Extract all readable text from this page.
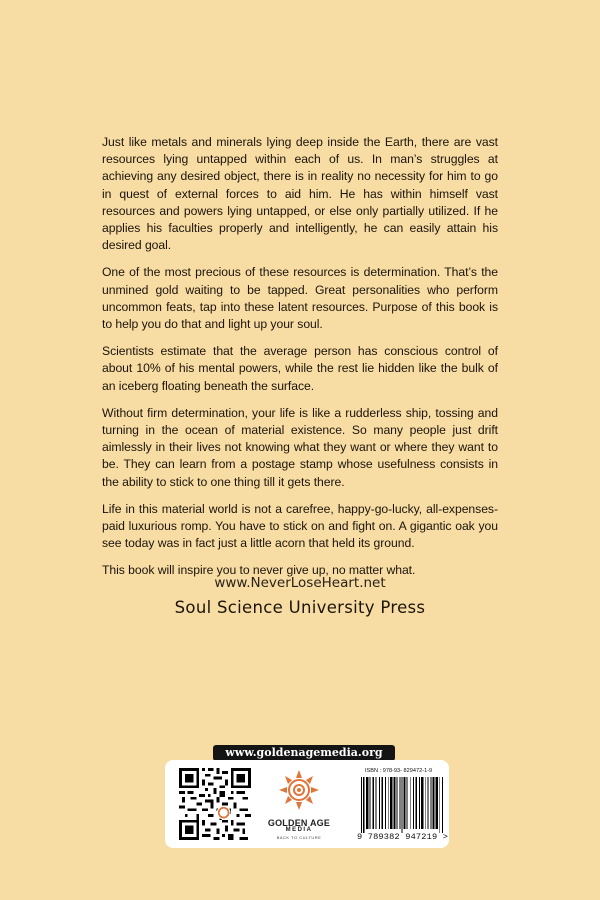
Just like metals and minerals lying deep inside the Earth, there are vast resources lying untapped within each of us. In man’s struggles at achieving any desired object, there is in reality no necessity for him to go in quest of external forces to aid him. He has within himself vast resources and powers lying untapped, or else only partially utilized. If he applies his faculties properly and intelligently, he can easily attain his desired goal.

One of the most precious of these resources is determination. That’s the unmined gold waiting to be tapped. Great personalities who perform uncommon feats, tap into these latent resources. Purpose of this book is to help you do that and light up your soul.

Scientists estimate that the average person has conscious control of about 10% of his mental powers, while the rest lie hidden like the bulk of an iceberg floating beneath the surface.

Without firm determination, your life is like a rudderless ship, tossing and turning in the ocean of material existence. So many people just drift aimlessly in their lives not knowing what they want or where they want to be. They can learn from a postage stamp whose usefulness consists in the ability to stick to one thing till it gets there.

Life in this material world is not a carefree, happy-go-lucky, all-expenses-paid luxurious romp. You have to stick on and fight on. A gigantic oak you see today was in fact just a little acorn that held its ground.

This book will inspire you to never give up, no matter what.

www.NeverLoseHeart.net
Soul Science University Press
www.goldenagemedia.org
GOLDEN AGE
MEDIA
BACK TO CULTURE
ISBN : 978-93- 829472-1-9
9 789382 947219 >
